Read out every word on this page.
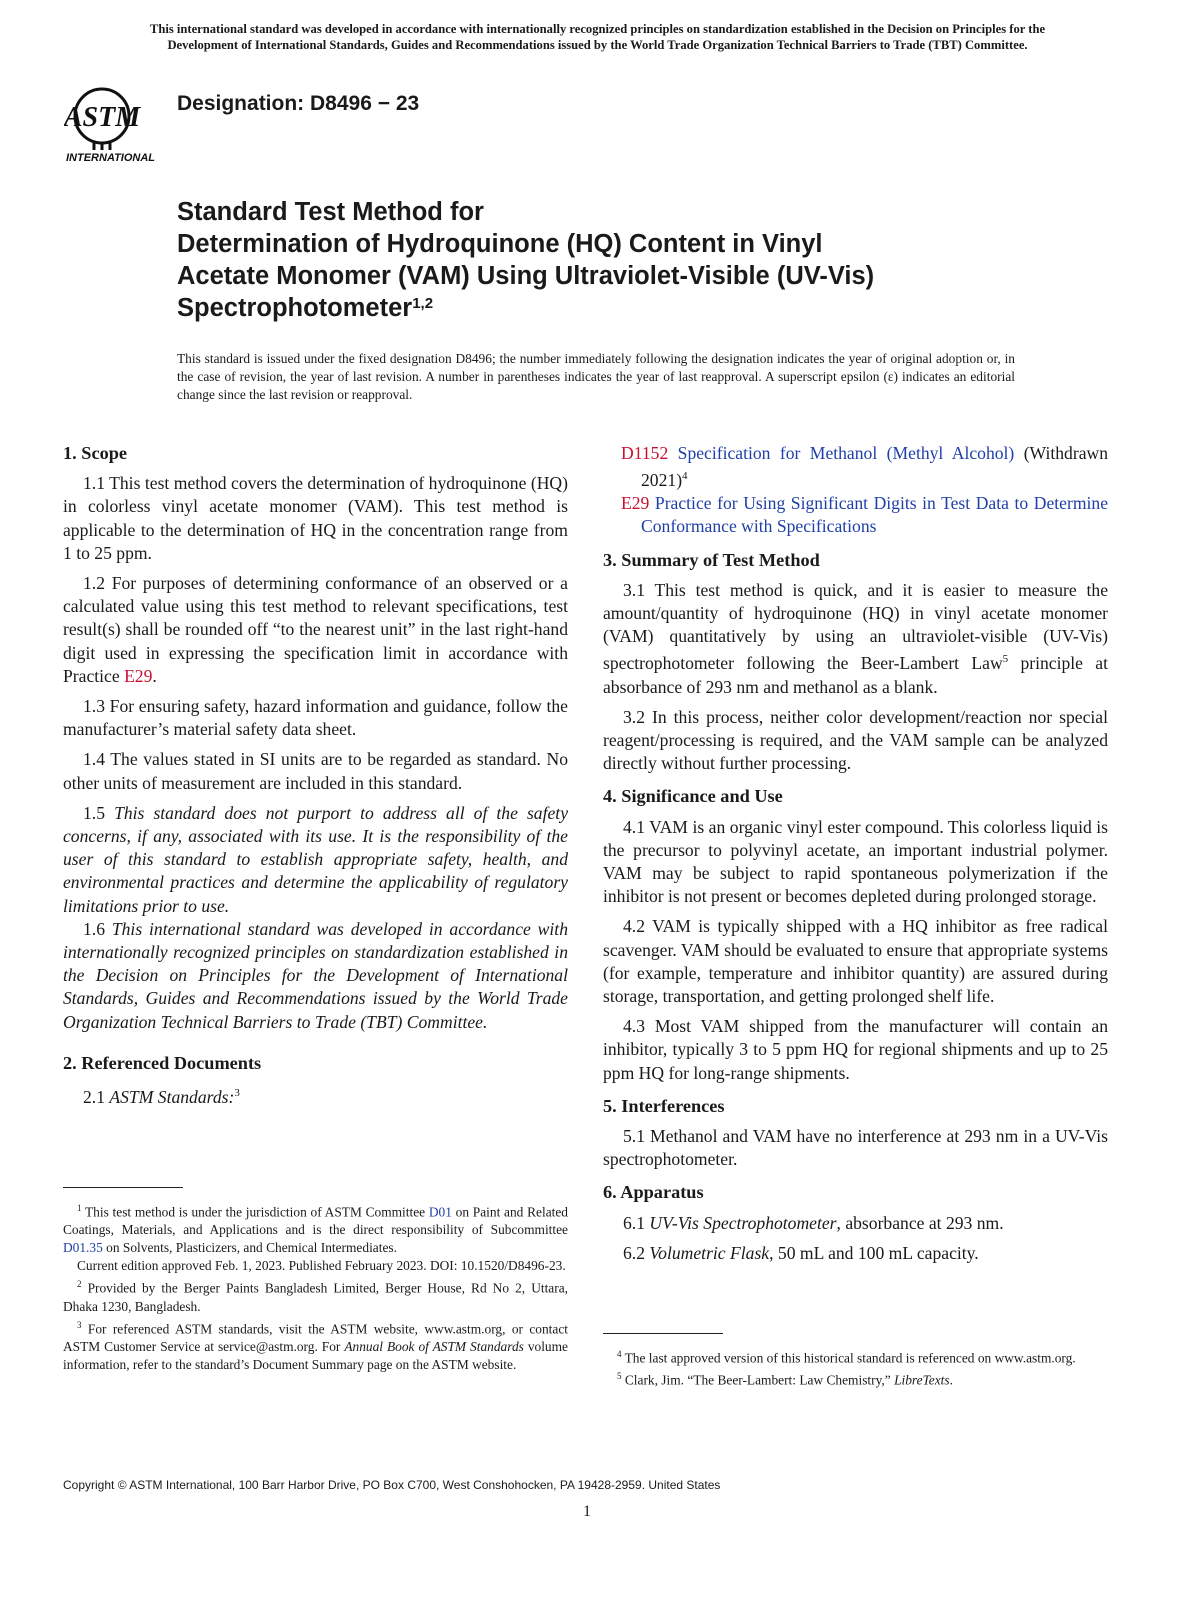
This international standard was developed in accordance with internationally recognized principles on standardization established in the Decision on Principles for the
Development of International Standards, Guides and Recommendations issued by the World Trade Organization Technical Barriers to Trade (TBT) Committee.
ASTM
INTERNATIONAL
Designation: D8496 − 23
Standard Test Method for
Determination of Hydroquinone (HQ) Content in Vinyl
Acetate Monomer (VAM) Using Ultraviolet-Visible (UV-Vis)
Spectrophotometer$^{1,2}$
This standard is issued under the fixed designation D8496; the number immediately following the designation indicates the year of original adoption or, in the case of revision, the year of last revision. A number in parentheses indicates the year of last reapproval. A superscript epsilon (ε) indicates an editorial change since the last revision or reapproval.

1. Scope

1.1 This test method covers the determination of hydroquinone (HQ) in colorless vinyl acetate monomer (VAM). This test method is applicable to the determination of HQ in the concentration range from 1 to 25 ppm.

1.2 For purposes of determining conformance of an observed or a calculated value using this test method to relevant specifications, test result(s) shall be rounded off “to the nearest unit” in the last right-hand digit used in expressing the specification limit in accordance with Practice E29.

1.3 For ensuring safety, hazard information and guidance, follow the manufacturer’s material safety data sheet.

1.4 The values stated in SI units are to be regarded as standard. No other units of measurement are included in this standard.

1.5 This standard does not purport to address all of the safety concerns, if any, associated with its use. It is the responsibility of the user of this standard to establish appropriate safety, health, and environmental practices and determine the applicability of regulatory limitations prior to use.

1.6 This international standard was developed in accordance with internationally recognized principles on standardization established in the Decision on Principles for the Development of International Standards, Guides and Recommendations issued by the World Trade Organization Technical Barriers to Trade (TBT) Committee.

2. Referenced Documents

2.1 ASTM Standards:$^3$

$^1$ This test method is under the jurisdiction of ASTM Committee D01 on Paint and Related Coatings, Materials, and Applications and is the direct responsibility of Subcommittee D01.35 on Solvents, Plasticizers, and Chemical Intermediates.

Current edition approved Feb. 1, 2023. Published February 2023. DOI: 10.1520/D8496-23.

$^2$ Provided by the Berger Paints Bangladesh Limited, Berger House, Rd No 2, Uttara, Dhaka 1230, Bangladesh.

$^3$ For referenced ASTM standards, visit the ASTM website, www.astm.org, or contact ASTM Customer Service at service@astm.org. For Annual Book of ASTM Standards volume information, refer to the standard’s Document Summary page on the ASTM website.

D1152 Specification for Methanol (Methyl Alcohol) (Withdrawn 2021)$^4$

E29 Practice for Using Significant Digits in Test Data to Determine Conformance with Specifications

3. Summary of Test Method

3.1 This test method is quick, and it is easier to measure the amount/quantity of hydroquinone (HQ) in vinyl acetate monomer (VAM) quantitatively by using an ultraviolet-visible (UV-Vis) spectrophotometer following the Beer-Lambert Law$^5$ principle at absorbance of 293 nm and methanol as a blank.

3.2 In this process, neither color development/reaction nor special reagent/processing is required, and the VAM sample can be analyzed directly without further processing.

4. Significance and Use

4.1 VAM is an organic vinyl ester compound. This colorless liquid is the precursor to polyvinyl acetate, an important industrial polymer. VAM may be subject to rapid spontaneous polymerization if the inhibitor is not present or becomes depleted during prolonged storage.

4.2 VAM is typically shipped with a HQ inhibitor as free radical scavenger. VAM should be evaluated to ensure that appropriate systems (for example, temperature and inhibitor quantity) are assured during storage, transportation, and getting prolonged shelf life.

4.3 Most VAM shipped from the manufacturer will contain an inhibitor, typically 3 to 5 ppm HQ for regional shipments and up to 25 ppm HQ for long-range shipments.

5. Interferences

5.1 Methanol and VAM have no interference at 293 nm in a UV-Vis spectrophotometer.

6. Apparatus

6.1 UV-Vis Spectrophotometer, absorbance at 293 nm.

6.2 Volumetric Flask, 50 mL and 100 mL capacity.

$^4$ The last approved version of this historical standard is referenced on www.astm.org.

$^5$ Clark, Jim. “The Beer-Lambert: Law Chemistry,” LibreTexts.

Copyright © ASTM International, 100 Barr Harbor Drive, PO Box C700, West Conshohocken, PA 19428-2959. United States
1
